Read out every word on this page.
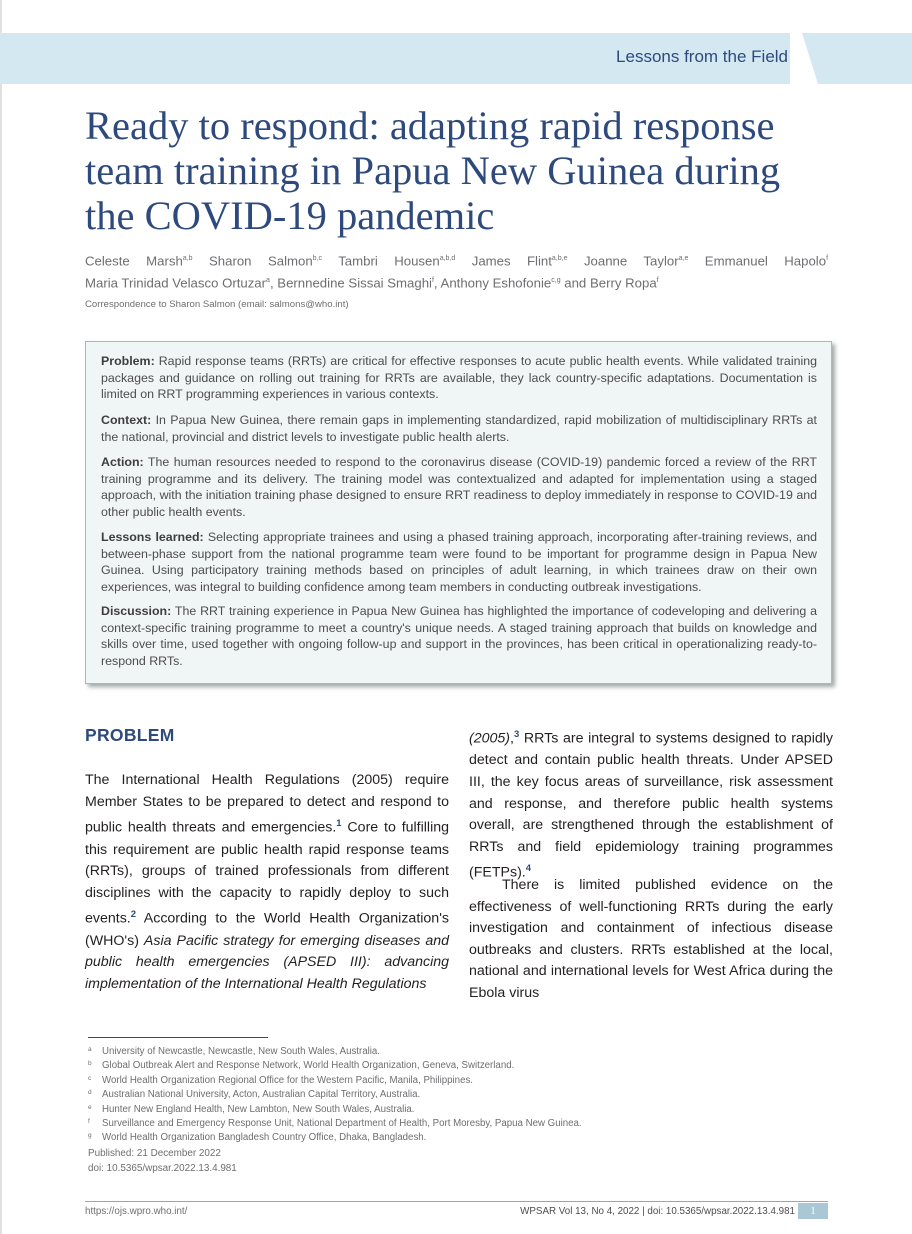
Lessons from the Field
Ready to respond: adapting rapid response team training in Papua New Guinea during the COVID-19 pandemic
Celeste Marsh$^{a,b}$ Sharon Salmon$^{b,c}$ Tambri Housen$^{a,b,d}$ James Flint$^{a,b,e}$ Joanne Taylor$^{a,e}$ Emmanuel Hapolo$^f$
Maria Trinidad Velasco Ortuzar$^a$, Bernnedine Sissai Smaghi$^f$, Anthony Eshofonie$^{c,g}$ and Berry Ropa$^f$
Correspondence to Sharon Salmon (email: salmons@who.int)
Problem: Rapid response teams (RRTs) are critical for effective responses to acute public health events. While validated training packages and guidance on rolling out training for RRTs are available, they lack country-specific adaptations. Documentation is limited on RRT programming experiences in various contexts.
Context: In Papua New Guinea, there remain gaps in implementing standardized, rapid mobilization of multidisciplinary RRTs at the national, provincial and district levels to investigate public health alerts.
Action: The human resources needed to respond to the coronavirus disease (COVID-19) pandemic forced a review of the RRT training programme and its delivery. The training model was contextualized and adapted for implementation using a staged approach, with the initiation training phase designed to ensure RRT readiness to deploy immediately in response to COVID-19 and other public health events.
Lessons learned: Selecting appropriate trainees and using a phased training approach, incorporating after-training reviews, and between-phase support from the national programme team were found to be important for programme design in Papua New Guinea. Using participatory training methods based on principles of adult learning, in which trainees draw on their own experiences, was integral to building confidence among team members in conducting outbreak investigations.
Discussion: The RRT training experience in Papua New Guinea has highlighted the importance of codeveloping and delivering a context-specific training programme to meet a country's unique needs. A staged training approach that builds on knowledge and skills over time, used together with ongoing follow-up and support in the provinces, has been critical in operationalizing ready-to-respond RRTs.
PROBLEM
The International Health Regulations (2005) require Member States to be prepared to detect and respond to public health threats and emergencies.$^1$ Core to fulfilling this requirement are public health rapid response teams (RRTs), groups of trained professionals from different disciplines with the capacity to rapidly deploy to such events.$^2$ According to the World Health Organization's (WHO's) Asia Pacific strategy for emerging diseases and public health emergencies (APSED III): advancing implementation of the International Health Regulations
(2005),$^3$ RRTs are integral to systems designed to rapidly detect and contain public health threats. Under APSED III, the key focus areas of surveillance, risk assessment and response, and therefore public health systems overall, are strengthened through the establishment of RRTs and field epidemiology training programmes (FETPs).$^4$
There is limited published evidence on the effectiveness of well-functioning RRTs during the early investigation and containment of infectious disease outbreaks and clusters. RRTs established at the local, national and international levels for West Africa during the Ebola virus
a University of Newcastle, Newcastle, New South Wales, Australia.
b Global Outbreak Alert and Response Network, World Health Organization, Geneva, Switzerland.
c World Health Organization Regional Office for the Western Pacific, Manila, Philippines.
d Australian National University, Acton, Australian Capital Territory, Australia.
e Hunter New England Health, New Lambton, New South Wales, Australia.
f Surveillance and Emergency Response Unit, National Department of Health, Port Moresby, Papua New Guinea.
g World Health Organization Bangladesh Country Office, Dhaka, Bangladesh.
Published: 21 December 2022
doi: 10.5365/wpsar.2022.13.4.981
https://ojs.wpro.who.int/	WPSAR Vol 13, No 4, 2022 | doi: 10.5365/wpsar.2022.13.4.981	1
